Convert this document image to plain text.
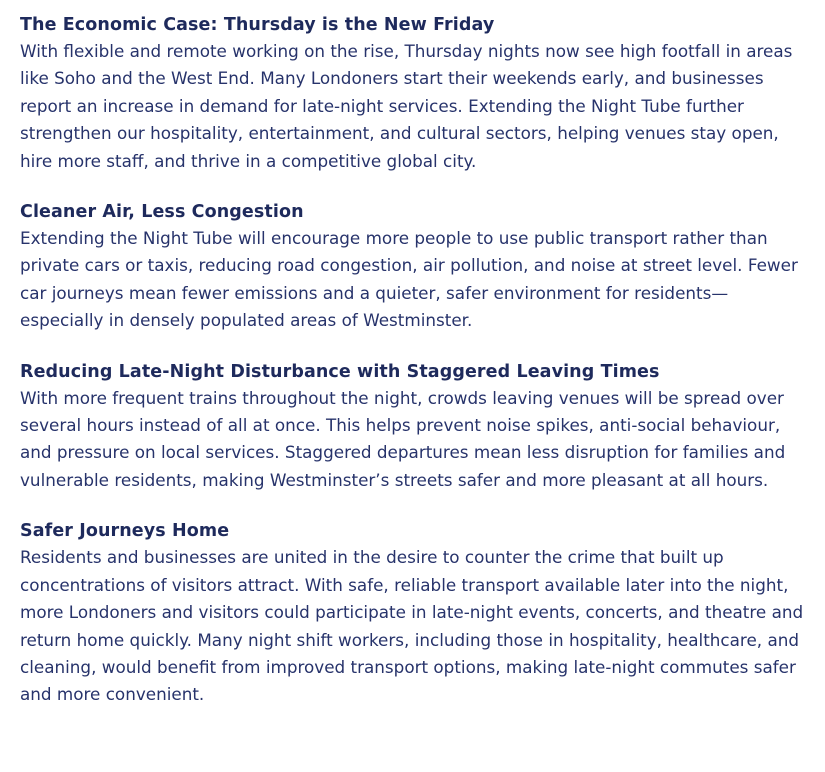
The Economic Case: Thursday is the New Friday

With flexible and remote working on the rise, Thursday nights now see high footfall in areas like Soho and the West End. Many Londoners start their weekends early, and businesses report an increase in demand for late-night services. Extending the Night Tube further strengthen our hospitality, entertainment, and cultural sectors, helping venues stay open, hire more staff, and thrive in a competitive global city.

Cleaner Air, Less Congestion

Extending the Night Tube will encourage more people to use public transport rather than private cars or taxis, reducing road congestion, air pollution, and noise at street level. Fewer car journeys mean fewer emissions and a quieter, safer environment for residents—especially in densely populated areas of Westminster.

Reducing Late-Night Disturbance with Staggered Leaving Times

With more frequent trains throughout the night, crowds leaving venues will be spread over several hours instead of all at once. This helps prevent noise spikes, anti-social behaviour, and pressure on local services. Staggered departures mean less disruption for families and vulnerable residents, making Westminster’s streets safer and more pleasant at all hours.

Safer Journeys Home

Residents and businesses are united in the desire to counter the crime that built up concentrations of visitors attract. With safe, reliable transport available later into the night, more Londoners and visitors could participate in late-night events, concerts, and theatre and return home quickly. Many night shift workers, including those in hospitality, healthcare, and cleaning, would benefit from improved transport options, making late-night commutes safer and more convenient.
